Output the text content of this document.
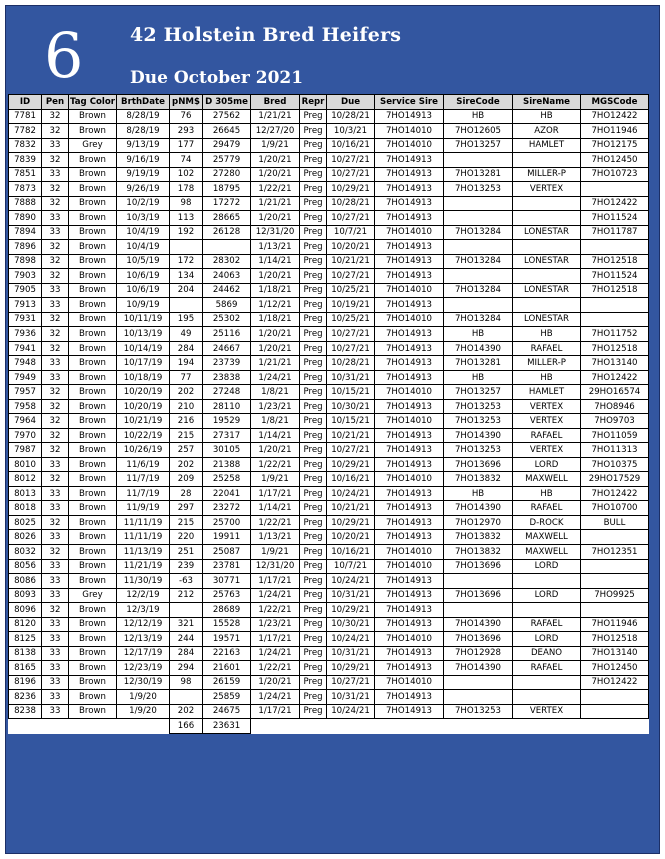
6 42 Holstein Bred Heifers
Due October 2021
ID	Pen	Tag Color	BrthDate	pNM$	D 305me	Bred	Repr	Due	Service Sire	SireCode	SireName	MGSCode
7781	32	Brown	8/28/19	76	27562	1/21/21	Preg	10/28/21	7HO14913	HB	HB	7HO12422
7782	32	Brown	8/28/19	293	26645	12/27/20	Preg	10/3/21	7HO14010	7HO12605	AZOR	7HO11946
7832	33	Grey	9/13/19	177	29479	1/9/21	Preg	10/16/21	7HO14010	7HO13257	HAMLET	7HO12175
7839	32	Brown	9/16/19	74	25779	1/20/21	Preg	10/27/21	7HO14913			7HO12450
7851	33	Brown	9/19/19	102	27280	1/20/21	Preg	10/27/21	7HO14913	7HO13281	MILLER-P	7HO10723
7873	32	Brown	9/26/19	178	18795	1/22/21	Preg	10/29/21	7HO14913	7HO13253	VERTEX	
7888	32	Brown	10/2/19	98	17272	1/21/21	Preg	10/28/21	7HO14913			7HO12422
7890	33	Brown	10/3/19	113	28665	1/20/21	Preg	10/27/21	7HO14913			7HO11524
7894	33	Brown	10/4/19	192	26128	12/31/20	Preg	10/7/21	7HO14010	7HO13284	LONESTAR	7HO11787
7896	32	Brown	10/4/19			1/13/21	Preg	10/20/21	7HO14913			
7898	32	Brown	10/5/19	172	28302	1/14/21	Preg	10/21/21	7HO14913	7HO13284	LONESTAR	7HO12518
7903	32	Brown	10/6/19	134	24063	1/20/21	Preg	10/27/21	7HO14913			7HO11524
7905	33	Brown	10/6/19	204	24462	1/18/21	Preg	10/25/21	7HO14010	7HO13284	LONESTAR	7HO12518
7913	33	Brown	10/9/19		5869	1/12/21	Preg	10/19/21	7HO14913			
7931	32	Brown	10/11/19	195	25302	1/18/21	Preg	10/25/21	7HO14010	7HO13284	LONESTAR	
7936	32	Brown	10/13/19	49	25116	1/20/21	Preg	10/27/21	7HO14913	HB	HB	7HO11752
7941	32	Brown	10/14/19	284	24667	1/20/21	Preg	10/27/21	7HO14913	7HO14390	RAFAEL	7HO12518
7948	33	Brown	10/17/19	194	23739	1/21/21	Preg	10/28/21	7HO14913	7HO13281	MILLER-P	7HO13140
7949	33	Brown	10/18/19	77	23838	1/24/21	Preg	10/31/21	7HO14913	HB	HB	7HO12422
7957	32	Brown	10/20/19	202	27248	1/8/21	Preg	10/15/21	7HO14010	7HO13257	HAMLET	29HO16574
7958	32	Brown	10/20/19	210	28110	1/23/21	Preg	10/30/21	7HO14913	7HO13253	VERTEX	7HO8946
7964	32	Brown	10/21/19	216	19529	1/8/21	Preg	10/15/21	7HO14010	7HO13253	VERTEX	7HO9703
7970	32	Brown	10/22/19	215	27317	1/14/21	Preg	10/21/21	7HO14913	7HO14390	RAFAEL	7HO11059
7987	32	Brown	10/26/19	257	30105	1/20/21	Preg	10/27/21	7HO14913	7HO13253	VERTEX	7HO11313
8010	33	Brown	11/6/19	202	21388	1/22/21	Preg	10/29/21	7HO14913	7HO13696	LORD	7HO10375
8012	32	Brown	11/7/19	209	25258	1/9/21	Preg	10/16/21	7HO14010	7HO13832	MAXWELL	29HO17529
8013	33	Brown	11/7/19	28	22041	1/17/21	Preg	10/24/21	7HO14913	HB	HB	7HO12422
8018	33	Brown	11/9/19	297	23272	1/14/21	Preg	10/21/21	7HO14913	7HO14390	RAFAEL	7HO10700
8025	32	Brown	11/11/19	215	25700	1/22/21	Preg	10/29/21	7HO14913	7HO12970	D-ROCK	BULL
8026	33	Brown	11/11/19	220	19911	1/13/21	Preg	10/20/21	7HO14913	7HO13832	MAXWELL	
8032	32	Brown	11/13/19	251	25087	1/9/21	Preg	10/16/21	7HO14010	7HO13832	MAXWELL	7HO12351
8056	33	Brown	11/21/19	239	23781	12/31/20	Preg	10/7/21	7HO14010	7HO13696	LORD	
8086	33	Brown	11/30/19	-63	30771	1/17/21	Preg	10/24/21	7HO14913			
8093	33	Grey	12/2/19	212	25763	1/24/21	Preg	10/31/21	7HO14913	7HO13696	LORD	7HO9925
8096	32	Brown	12/3/19		28689	1/22/21	Preg	10/29/21	7HO14913			
8120	33	Brown	12/12/19	321	15528	1/23/21	Preg	10/30/21	7HO14913	7HO14390	RAFAEL	7HO11946
8125	33	Brown	12/13/19	244	19571	1/17/21	Preg	10/24/21	7HO14010	7HO13696	LORD	7HO12518
8138	33	Brown	12/17/19	284	22163	1/24/21	Preg	10/31/21	7HO14913	7HO12928	DEANO	7HO13140
8165	33	Brown	12/23/19	294	21601	1/22/21	Preg	10/29/21	7HO14913	7HO14390	RAFAEL	7HO12450
8196	33	Brown	12/30/19	98	26159	1/20/21	Preg	10/27/21	7HO14010			7HO12422
8236	33	Brown	1/9/20		25859	1/24/21	Preg	10/31/21	7HO14913			
8238	33	Brown	1/9/20	202	24675	1/17/21	Preg	10/24/21	7HO14913	7HO13253	VERTEX	
				166	23631							
